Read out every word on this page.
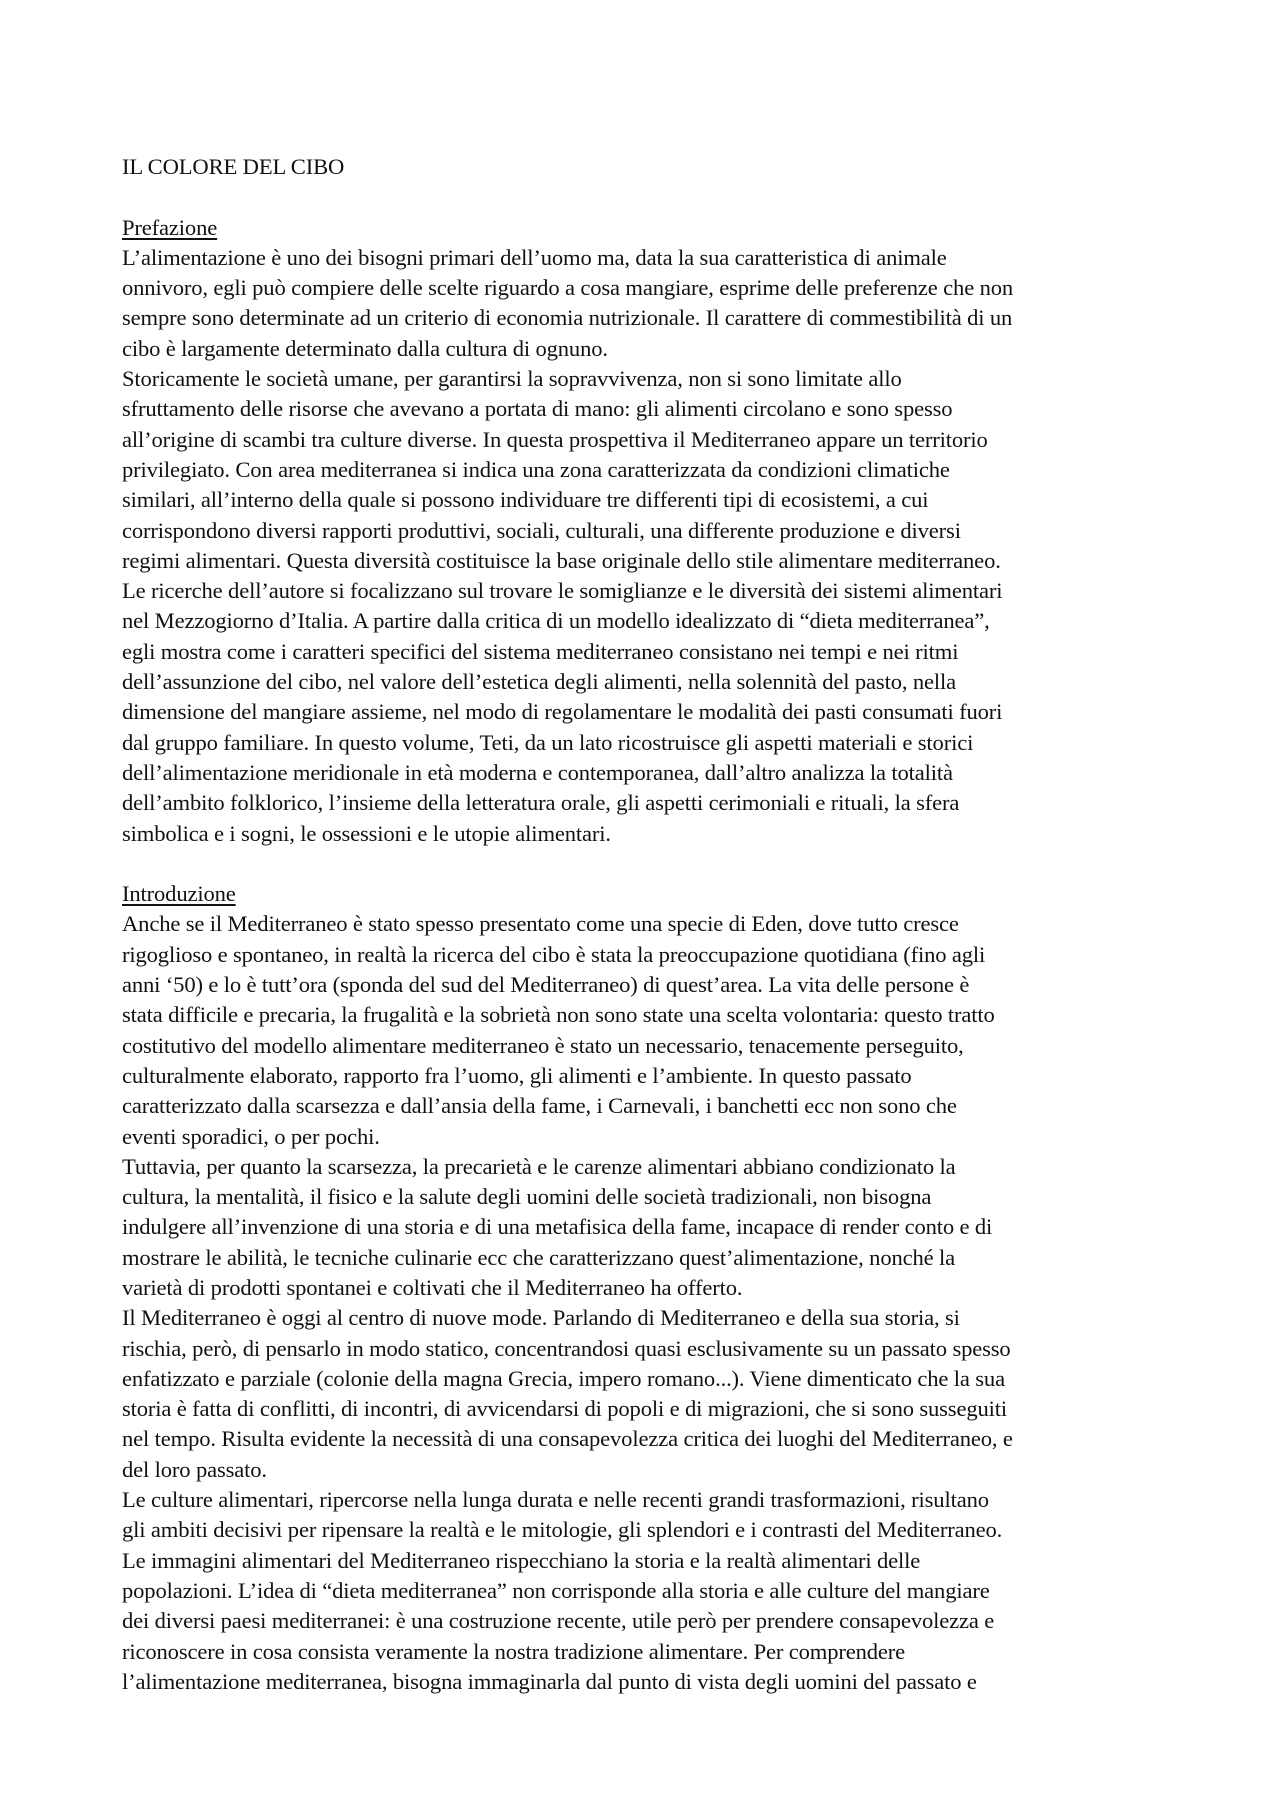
IL COLORE DEL CIBO
Prefazione

L’alimentazione è uno dei bisogni primari dell’uomo ma, data la sua caratteristica di animale
onnivoro, egli può compiere delle scelte riguardo a cosa mangiare, esprime delle preferenze che non
sempre sono determinate ad un criterio di economia nutrizionale. Il carattere di commestibilità di un
cibo è largamente determinato dalla cultura di ognuno.

Storicamente le società umane, per garantirsi la sopravvivenza, non si sono limitate allo
sfruttamento delle risorse che avevano a portata di mano: gli alimenti circolano e sono spesso
all’origine di scambi tra culture diverse. In questa prospettiva il Mediterraneo appare un territorio
privilegiato. Con area mediterranea si indica una zona caratterizzata da condizioni climatiche
similari, all’interno della quale si possono individuare tre differenti tipi di ecosistemi, a cui
corrispondono diversi rapporti produttivi, sociali, culturali, una differente produzione e diversi
regimi alimentari. Questa diversità costituisce la base originale dello stile alimentare mediterraneo.

Le ricerche dell’autore si focalizzano sul trovare le somiglianze e le diversità dei sistemi alimentari
nel Mezzogiorno d’Italia. A partire dalla critica di un modello idealizzato di “dieta mediterranea”,
egli mostra come i caratteri specifici del sistema mediterraneo consistano nei tempi e nei ritmi
dell’assunzione del cibo, nel valore dell’estetica degli alimenti, nella solennità del pasto, nella
dimensione del mangiare assieme, nel modo di regolamentare le modalità dei pasti consumati fuori
dal gruppo familiare. In questo volume, Teti, da un lato ricostruisce gli aspetti materiali e storici
dell’alimentazione meridionale in età moderna e contemporanea, dall’altro analizza la totalità
dell’ambito folklorico, l’insieme della letteratura orale, gli aspetti cerimoniali e rituali, la sfera
simbolica e i sogni, le ossessioni e le utopie alimentari.

Introduzione

Anche se il Mediterraneo è stato spesso presentato come una specie di Eden, dove tutto cresce
rigoglioso e spontaneo, in realtà la ricerca del cibo è stata la preoccupazione quotidiana (fino agli
anni ‘50) e lo è tutt’ora (sponda del sud del Mediterraneo) di quest’area. La vita delle persone è
stata difficile e precaria, la frugalità e la sobrietà non sono state una scelta volontaria: questo tratto
costitutivo del modello alimentare mediterraneo è stato un necessario, tenacemente perseguito,
culturalmente elaborato, rapporto fra l’uomo, gli alimenti e l’ambiente. In questo passato
caratterizzato dalla scarsezza e dall’ansia della fame, i Carnevali, i banchetti ecc non sono che
eventi sporadici, o per pochi.

Tuttavia, per quanto la scarsezza, la precarietà e le carenze alimentari abbiano condizionato la
cultura, la mentalità, il fisico e la salute degli uomini delle società tradizionali, non bisogna
indulgere all’invenzione di una storia e di una metafisica della fame, incapace di render conto e di
mostrare le abilità, le tecniche culinarie ecc che caratterizzano quest’alimentazione, nonché la
varietà di prodotti spontanei e coltivati che il Mediterraneo ha offerto.

Il Mediterraneo è oggi al centro di nuove mode. Parlando di Mediterraneo e della sua storia, si
rischia, però, di pensarlo in modo statico, concentrandosi quasi esclusivamente su un passato spesso
enfatizzato e parziale (colonie della magna Grecia, impero romano...). Viene dimenticato che la sua
storia è fatta di conflitti, di incontri, di avvicendarsi di popoli e di migrazioni, che si sono susseguiti
nel tempo. Risulta evidente la necessità di una consapevolezza critica dei luoghi del Mediterraneo, e
del loro passato.

Le culture alimentari, ripercorse nella lunga durata e nelle recenti grandi trasformazioni, risultano
gli ambiti decisivi per ripensare la realtà e le mitologie, gli splendori e i contrasti del Mediterraneo.

Le immagini alimentari del Mediterraneo rispecchiano la storia e la realtà alimentari delle
popolazioni. L’idea di “dieta mediterranea” non corrisponde alla storia e alle culture del mangiare
dei diversi paesi mediterranei: è una costruzione recente, utile però per prendere consapevolezza e
riconoscere in cosa consista veramente la nostra tradizione alimentare. Per comprendere
l’alimentazione mediterranea, bisogna immaginarla dal punto di vista degli uomini del passato e
